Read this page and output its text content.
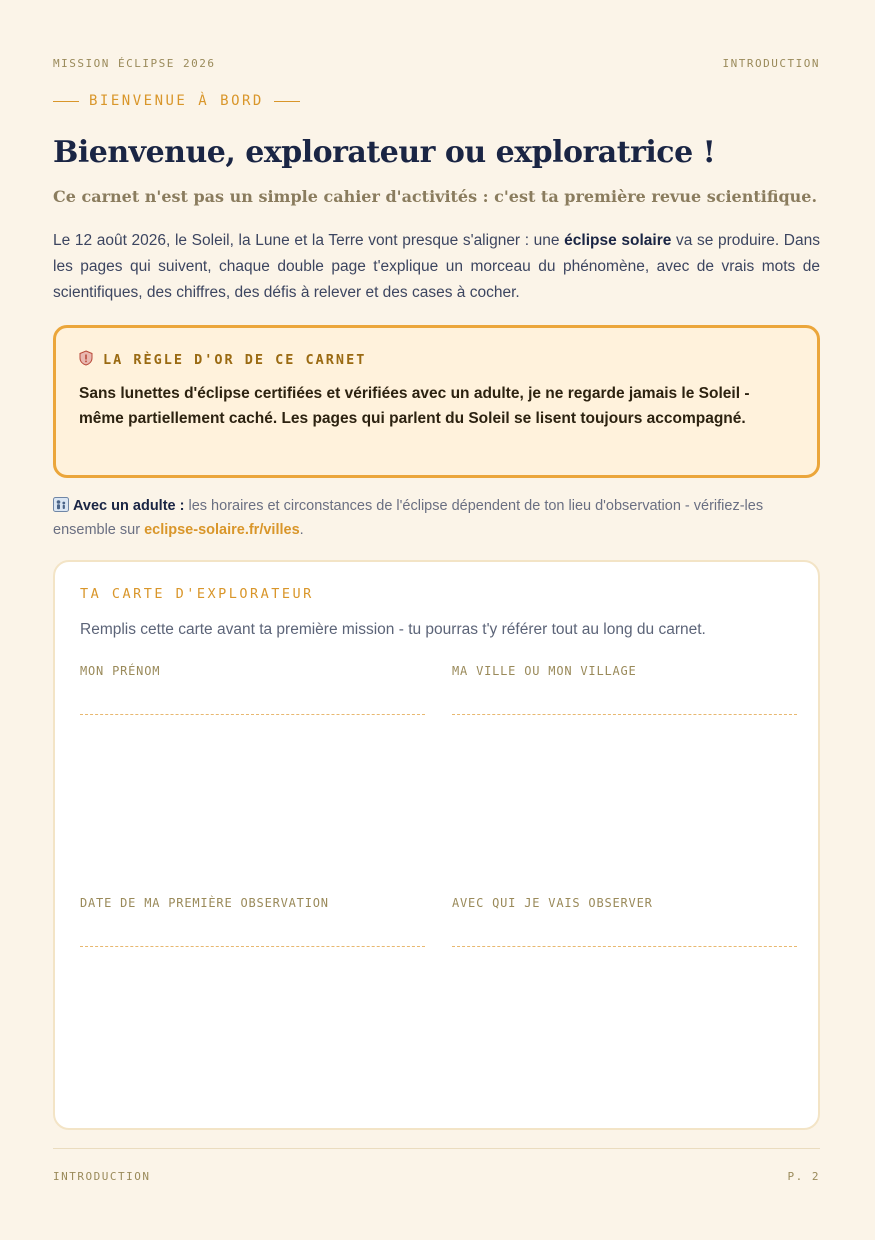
MISSION ÉCLIPSE 2026	INTRODUCTION
BIENVENUE À BORD
Bienvenue, explorateur ou exploratrice !

Ce carnet n'est pas un simple cahier d'activités : c'est ta première revue scientifique.

Le 12 août 2026, le Soleil, la Lune et la Terre vont presque s'aligner : une éclipse solaire va se produire. Dans les pages qui suivent, chaque double page t'explique un morceau du phénomène, avec de vrais mots de scientifiques, des chiffres, des défis à relever et des cases à cocher.

LA RÈGLE D'OR DE CE CARNET
Sans lunettes d'éclipse certifiées et vérifiées avec un adulte, je ne regarde jamais le Soleil - même partiellement caché. Les pages qui parlent du Soleil se lisent toujours accompagné.

Avec un adulte : les horaires et circonstances de l'éclipse dépendent de ton lieu d'observation - vérifiez-les ensemble sur eclipse-solaire.fr/villes.

TA CARTE D'EXPLORATEUR
Remplis cette carte avant ta première mission - tu pourras t'y référer tout au long du carnet.
MON PRÉNOM	MA VILLE OU MON VILLAGE
DATE DE MA PREMIÈRE OBSERVATION	AVEC QUI JE VAIS OBSERVER
INTRODUCTION	P. 2
